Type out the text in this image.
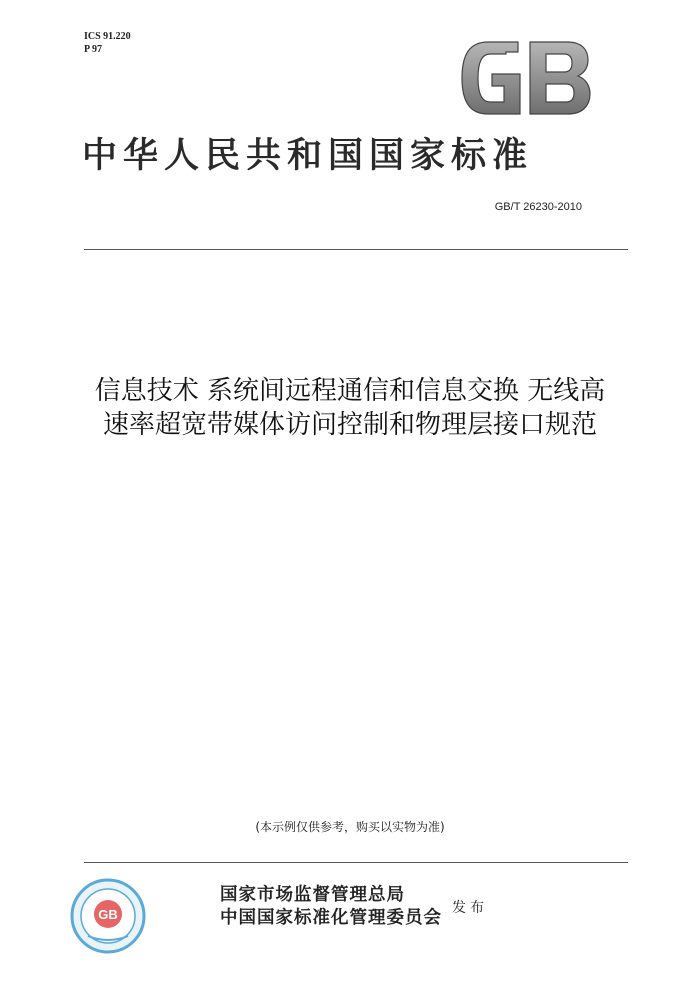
ICS 91.220
P 97
中华人民共和国国家标准
GB/T 26230-2010
信息技术 系统间远程通信和信息交换 无线高
速率超宽带媒体访问控制和物理层接口规范
(本示例仅供参考，购买以实物为准)
GB
国家市场监督管理总局
中国国家标准化管理委员会 发布
